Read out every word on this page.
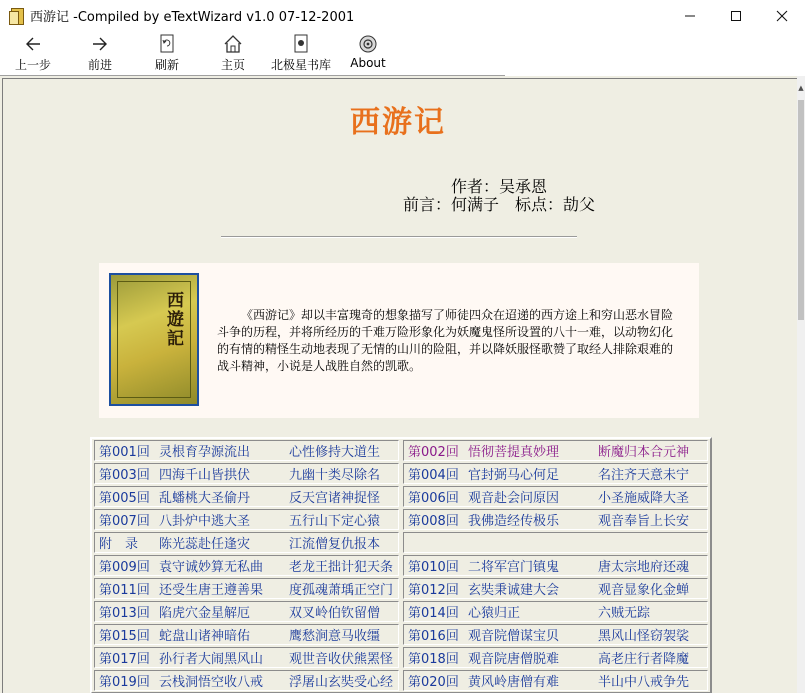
西游记 -Compiled by eTextWizard v1.0 07-12-2001
上一步	前进	刷新	主页 北极星书库 About
西游记
作者：吴承恩
前言：何满子　标点：劼父
西遊記	《西游记》却以丰富瑰奇的想象描写了师徒四众在迢递的西方途上和穷山恶水冒险斗争的历程，并将所经历的千难万险形象化为妖魔鬼怪所设置的八十一难，以动物幻化的有情的精怪生动地表现了无情的山川的险阻，并以降妖服怪歌赞了取经人排除艰难的战斗精神，小说是人战胜自然的凯歌。
第001回 灵根育孕源流出	心性修持大道生	第002回 悟彻菩提真妙理	断魔归本合元神
第003回 四海千山皆拱伏	九幽十类尽除名	第004回 官封弼马心何足	名注齐天意未宁
第005回 乱蟠桃大圣偷丹	反天宫诸神捉怪	第006回 观音赴会问原因	小圣施威降大圣
第007回 八卦炉中逃大圣	五行山下定心猿	第008回 我佛造经传极乐	观音奉旨上长安
附　录	陈光蕊赴任逢灾	江流僧复仇报本
第009回 袁守诚妙算无私曲	老龙王拙计犯天条	第010回 二将军宫门镇鬼	唐太宗地府还魂
第011回 还受生唐王遵善果	度孤魂萧瑀正空门	第012回 玄奘秉诚建大会	观音显象化金蝉
第013回 陷虎穴金星解厄	双叉岭伯钦留僧	第014回 心猿归正	六贼无踪
第015回 蛇盘山诸神暗佑	鹰愁涧意马收缰	第016回 观音院僧谋宝贝	黑风山怪窃袈裟
第017回 孙行者大闹黑风山	观世音收伏熊罴怪	第018回 观音院唐僧脱难	高老庄行者降魔
第019回 云栈洞悟空收八戒	浮屠山玄奘受心经	第020回 黄风岭唐僧有难	半山中八戒争先
▲
